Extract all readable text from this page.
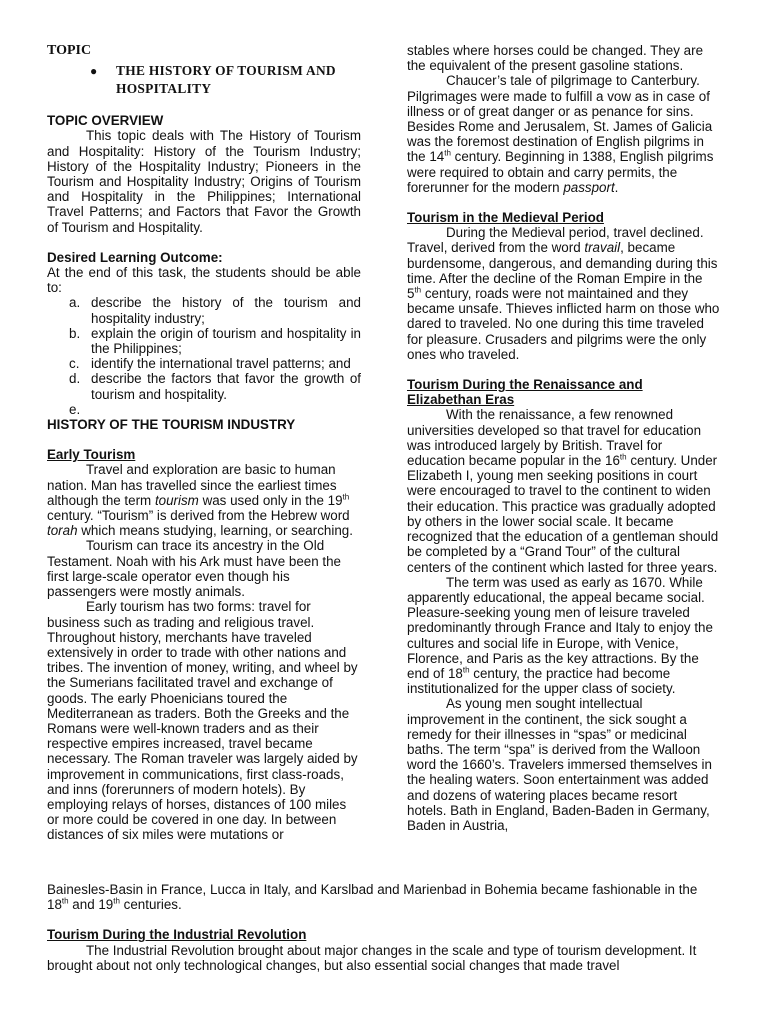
TOPIC
●	THE HISTORY OF TOURISM AND
HOSPITALITY
TOPIC OVERVIEW

This topic deals with The History of Tourism and Hospitality: History of the Tourism Industry; History of the Hospitality Industry; Pioneers in the Tourism and Hospitality Industry; Origins of Tourism and Hospitality in the Philippines; International Travel Patterns; and Factors that Favor the Growth of Tourism and Hospitality.

Desired Learning Outcome:

At the end of this task, the students should be able to:

a. describe the history of the tourism and hospitality industry;
b. explain the origin of tourism and hospitality in the Philippines;
c. identify the international travel patterns; and
d. describe the factors that favor the growth of tourism and hospitality.
e.
HISTORY OF THE TOURISM INDUSTRY
Early Tourism

Travel and exploration are basic to human nation. Man has travelled since the earliest times although the term tourism was used only in the 19th century. “Tourism” is derived from the Hebrew word torah which means studying, learning, or searching.

Tourism can trace its ancestry in the Old Testament. Noah with his Ark must have been the first large-scale operator even though his passengers were mostly animals.

Early tourism has two forms: travel for business such as trading and religious travel. Throughout history, merchants have traveled extensively in order to trade with other nations and tribes. The invention of money, writing, and wheel by the Sumerians facilitated travel and exchange of goods. The early Phoenicians toured the Mediterranean as traders. Both the Greeks and the Romans were well-known traders and as their respective empires increased, travel became necessary. The Roman traveler was largely aided by improvement in communications, first class-roads, and inns (forerunners of modern hotels). By employing relays of horses, distances of 100 miles or more could be covered in one day. In between distances of six miles were mutations or

stables where horses could be changed. They are the equivalent of the present gasoline stations.

Chaucer’s tale of pilgrimage to Canterbury. Pilgrimages were made to fulfill a vow as in case of illness or of great danger or as penance for sins. Besides Rome and Jerusalem, St. James of Galicia was the foremost destination of English pilgrims in the 14th century. Beginning in 1388, English pilgrims were required to obtain and carry permits, the forerunner for the modern passport.

Tourism in the Medieval Period

During the Medieval period, travel declined. Travel, derived from the word travail, became burdensome, dangerous, and demanding during this time. After the decline of the Roman Empire in the 5th century, roads were not maintained and they became unsafe. Thieves inflicted harm on those who dared to traveled. No one during this time traveled for pleasure. Crusaders and pilgrims were the only ones who traveled.

Tourism During the Renaissance and Elizabethan Eras

With the renaissance, a few renowned universities developed so that travel for education was introduced largely by British. Travel for education became popular in the 16th century. Under Elizabeth I, young men seeking positions in court were encouraged to travel to the continent to widen their education. This practice was gradually adopted by others in the lower social scale. It became recognized that the education of a gentleman should be completed by a “Grand Tour” of the cultural centers of the continent which lasted for three years.

The term was used as early as 1670. While apparently educational, the appeal became social. Pleasure-seeking young men of leisure traveled predominantly through France and Italy to enjoy the cultures and social life in Europe, with Venice, Florence, and Paris as the key attractions. By the end of 18th century, the practice had become institutionalized for the upper class of society.

As young men sought intellectual improvement in the continent, the sick sought a remedy for their illnesses in “spas” or medicinal baths. The term “spa” is derived from the Walloon word the 1660’s. Travelers immersed themselves in the healing waters. Soon entertainment was added and dozens of watering places became resort hotels. Bath in England, Baden-Baden in Germany, Baden in Austria,

Bainesles-Basin in France, Lucca in Italy, and Karslbad and Marienbad in Bohemia became fashionable in the 18th and 19th centuries.

Tourism During the Industrial Revolution

The Industrial Revolution brought about major changes in the scale and type of tourism development. It brought about not only technological changes, but also essential social changes that made travel
